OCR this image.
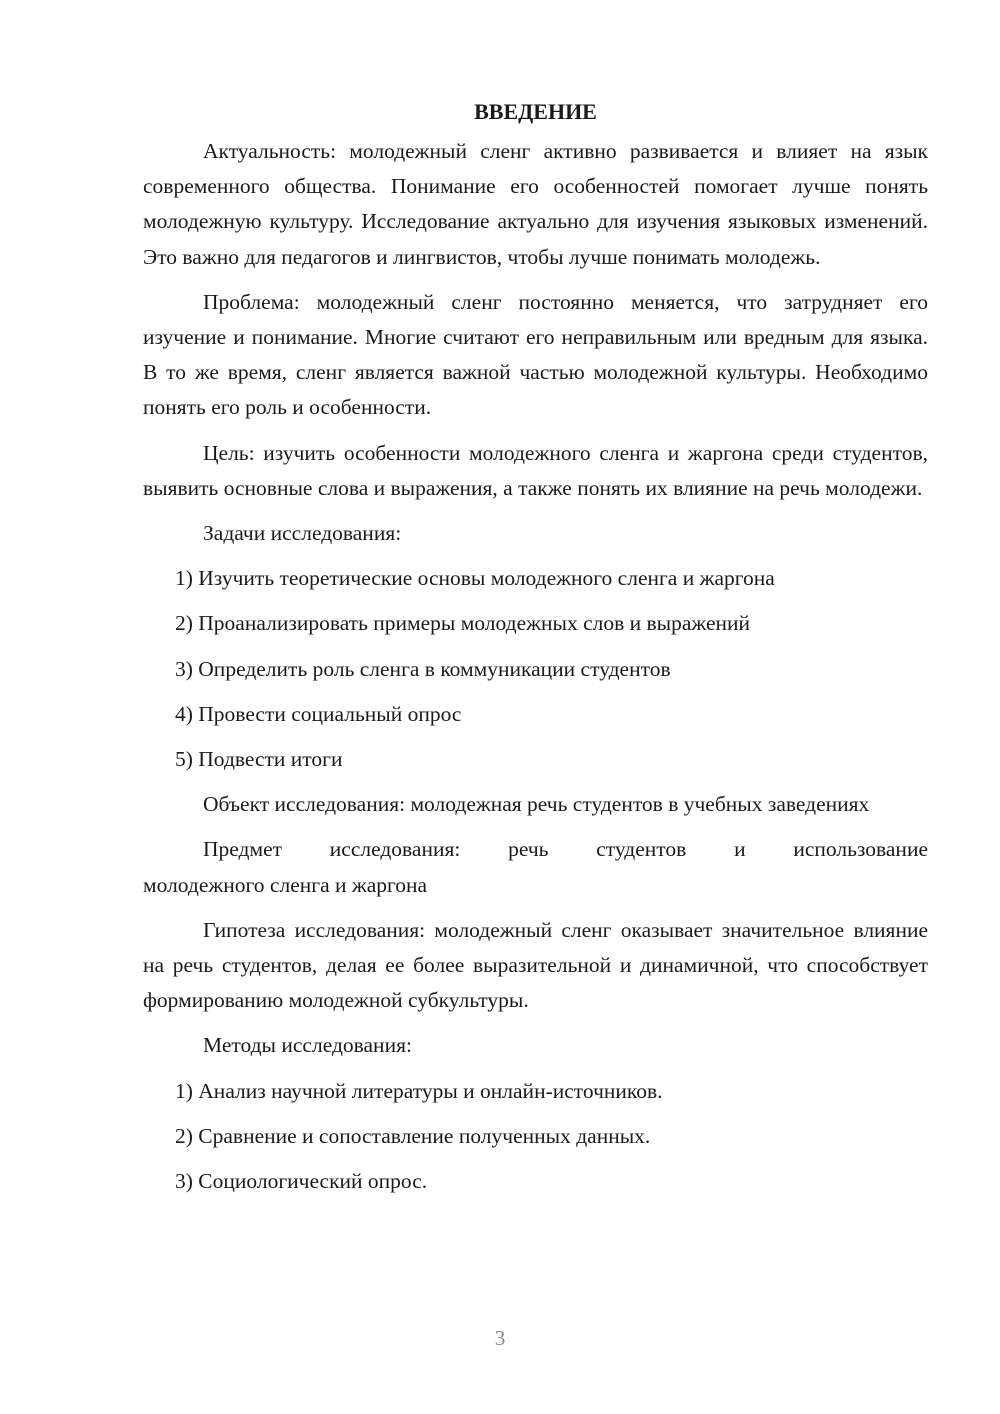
ВВЕДЕНИЕ

Актуальность: молодежный сленг активно развивается и влияет на язык современного общества. Понимание его особенностей помогает лучше понять молодежную культуру. Исследование актуально для изучения языковых изменений. Это важно для педагогов и лингвистов, чтобы лучше понимать молодежь.

Проблема: молодежный сленг постоянно меняется, что затрудняет его изучение и понимание. Многие считают его неправильным или вредным для языка. В то же время, сленг является важной частью молодежной культуры. Необходимо понять его роль и особенности.

Цель: изучить особенности молодежного сленга и жаргона среди студентов, выявить основные слова и выражения, а также понять их влияние на речь молодежи.

Задачи исследования:

1) Изучить теоретические основы молодежного сленга и жаргона

2) Проанализировать примеры молодежных слов и выражений

3) Определить роль сленга в коммуникации студентов

4) Провести социальный опрос

5) Подвести итоги

Объект исследования: молодежная речь студентов в учебных заведениях

Предмет исследования: речь студентов и использование
молодежного сленга и жаргона

Гипотеза исследования: молодежный сленг оказывает значительное влияние на речь студентов, делая ее более выразительной и динамичной, что способствует формированию молодежной субкультуры.

Методы исследования:

1) Анализ научной литературы и онлайн-источников.

2) Сравнение и сопоставление полученных данных.

3) Социологический опрос.

3
